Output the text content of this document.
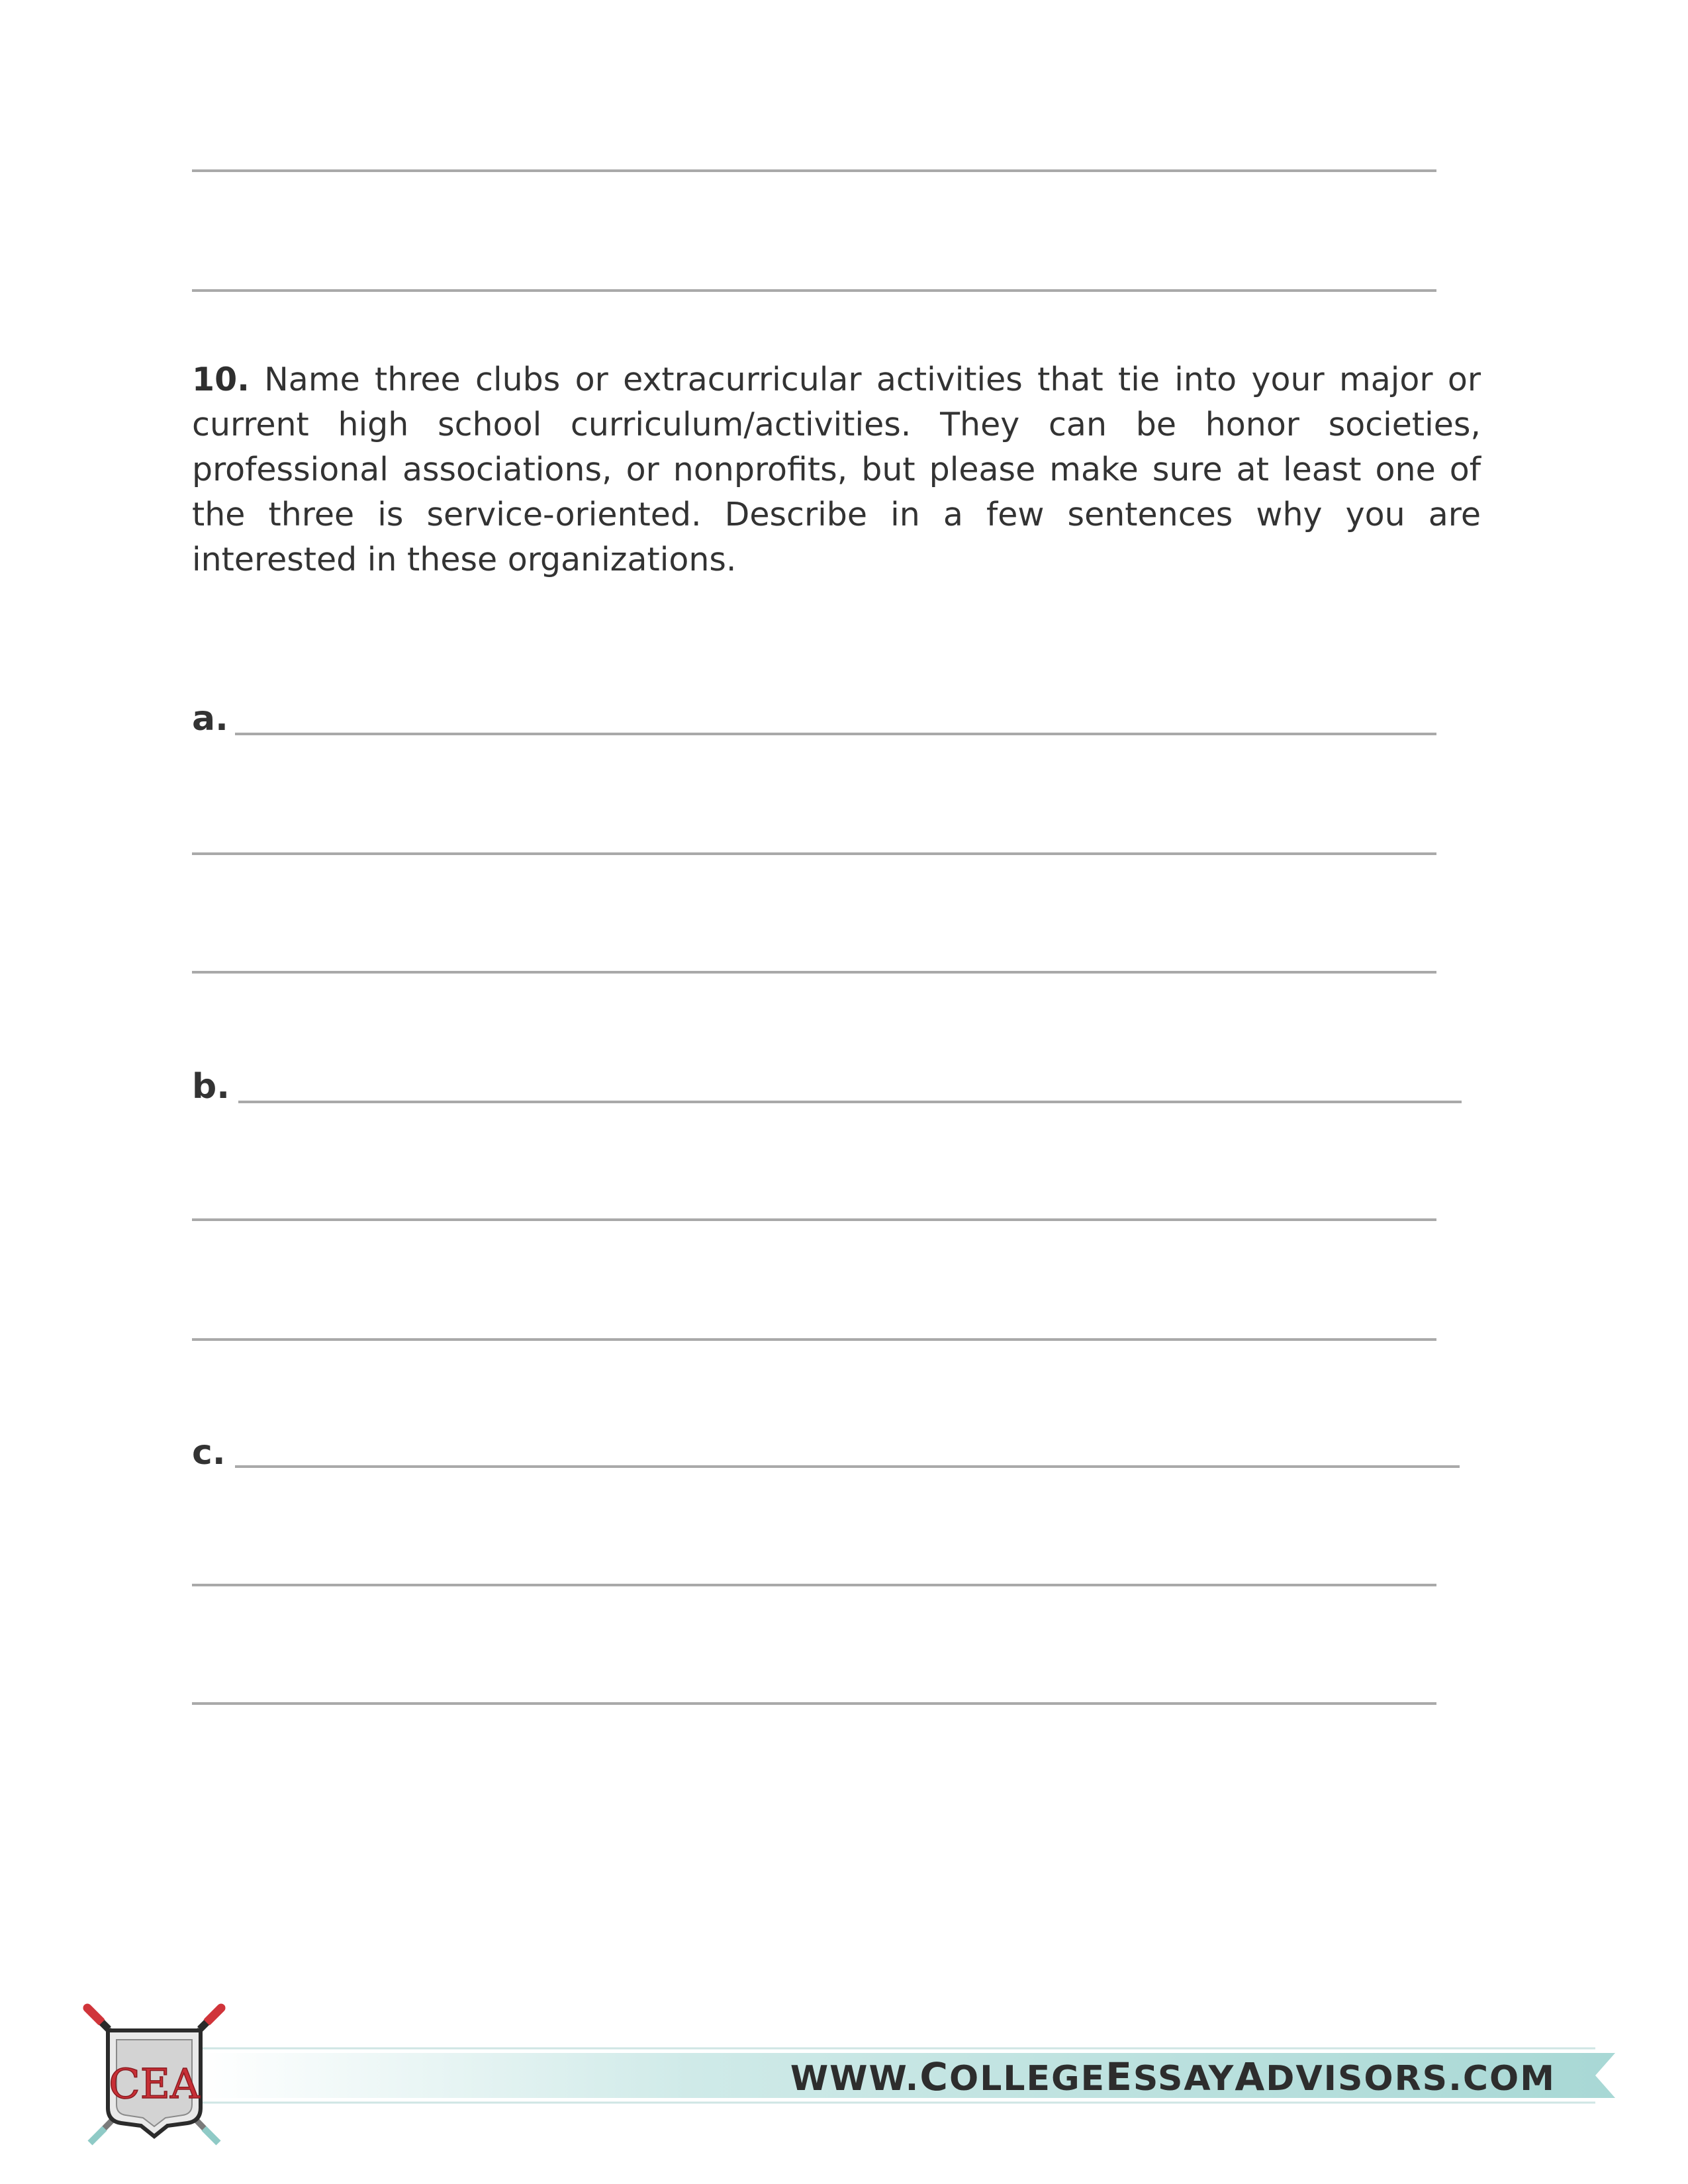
10. Name three clubs or extracurricular activities that tie into your major or current high school curriculum/activities. They can be honor societies, professional associations, or nonprofits, but please make sure at least one of the three is service-oriented. Describe in a few sentences why you are interested in these organizations.
a.
b.
c.
WWW.COLLEGEESSAYADVISORS.COM
CEA
